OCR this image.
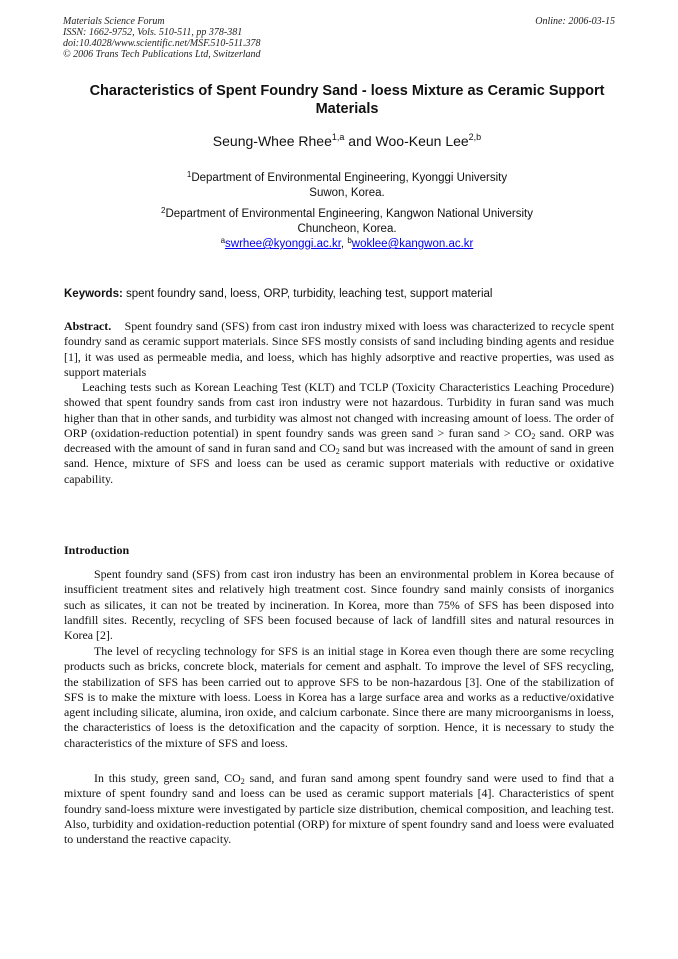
Materials Science Forum
ISSN: 1662-9752, Vols. 510-511, pp 378-381
doi:10.4028/www.scientific.net/MSF.510-511.378
© 2006 Trans Tech Publications Ltd, Switzerland
Online: 2006-03-15
Characteristics of Spent Foundry Sand - loess Mixture as Ceramic Support Materials
Seung-Whee Rhee$^{1,a}$ and Woo-Keun Lee$^{2,b}$
$^1$Department of Environmental Engineering, Kyonggi University
Suwon, Korea.
$^2$Department of Environmental Engineering, Kangwon National University
Chuncheon, Korea.
$^a$swrhee@kyonggi.ac.kr, $^b$woklee@kangwon.ac.kr
Keywords: spent foundry sand, loess, ORP, turbidity, leaching test, support material

Abstract. Spent foundry sand (SFS) from cast iron industry mixed with loess was characterized to recycle spent foundry sand as ceramic support materials. Since SFS mostly consists of sand including binding agents and residue [1], it was used as permeable media, and loess, which has highly adsorptive and reactive properties, was used as support materials

Leaching tests such as Korean Leaching Test (KLT) and TCLP (Toxicity Characteristics Leaching Procedure) showed that spent foundry sands from cast iron industry were not hazardous. Turbidity in furan sand was much higher than that in other sands, and turbidity was almost not changed with increasing amount of loess. The order of ORP (oxidation-reduction potential) in spent foundry sands was green sand > furan sand > $CO_2$ sand. ORP was decreased with the amount of sand in furan sand and $CO_2$ sand but was increased with the amount of sand in green sand. Hence, mixture of SFS and loess can be used as ceramic support materials with reductive or oxidative capability.

Introduction

Spent foundry sand (SFS) from cast iron industry has been an environmental problem in Korea because of insufficient treatment sites and relatively high treatment cost. Since foundry sand mainly consists of inorganics such as silicates, it can not be treated by incineration. In Korea, more than 75% of SFS has been disposed into landfill sites. Recently, recycling of SFS been focused because of lack of landfill sites and natural resources in Korea [2].

The level of recycling technology for SFS is an initial stage in Korea even though there are some recycling products such as bricks, concrete block, materials for cement and asphalt. To improve the level of SFS recycling, the stabilization of SFS has been carried out to approve SFS to be non-hazardous [3]. One of the stabilization of SFS is to make the mixture with loess. Loess in Korea has a large surface area and works as a reductive/oxidative agent including silicate, alumina, iron oxide, and calcium carbonate. Since there are many microorganisms in loess, the characteristics of loess is the detoxification and the capacity of sorption. Hence, it is necessary to study the characteristics of the mixture of SFS and loess.

In this study, green sand, $CO_2$ sand, and furan sand among spent foundry sand were used to find that a mixture of spent foundry sand and loess can be used as ceramic support materials [4]. Characteristics of spent foundry sand-loess mixture were investigated by particle size distribution, chemical composition, and leaching test. Also, turbidity and oxidation-reduction potential (ORP) for mixture of spent foundry sand and loess were evaluated to understand the reactive capacity.
